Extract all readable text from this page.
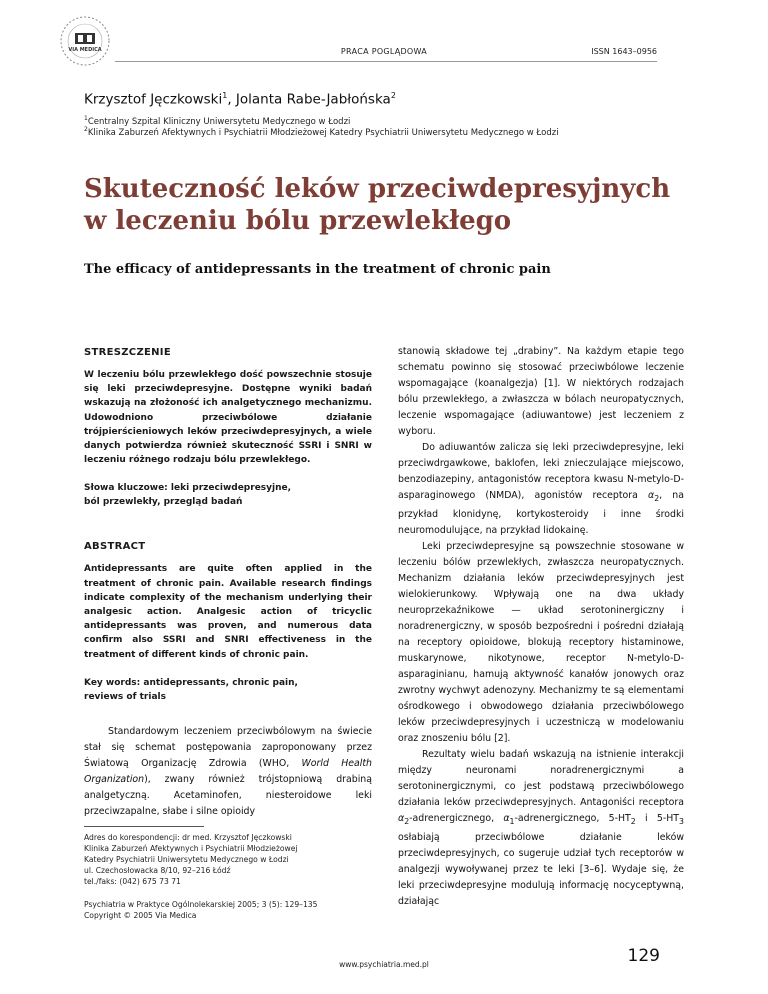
VIA MEDICA	PRACA POGLĄDOWA	ISSN 1643–0956
Krzysztof Jęczkowski$^1$, Jolanta Rabe-Jabłońska$^2$
$^1$Centralny Szpital Kliniczny Uniwersytetu Medycznego w Łodzi
$^2$Klinika Zaburzeń Afektywnych i Psychiatrii Młodzieżowej Katedry Psychiatrii Uniwersytetu Medycznego w Łodzi
Skuteczność leków przeciwdepresyjnych
w leczeniu bólu przewlekłego
The efficacy of antidepressants in the treatment of chronic pain

STRESZCZENIE

W leczeniu bólu przewlekłego dość powszechnie stosuje się leki przeciwdepresyjne. Dostępne wyniki badań wskazują na złożoność ich analgetycznego mechanizmu. Udowodniono przeciwbólowe działanie trójpierścieniowych leków przeciwdepresyjnych, a wiele danych potwierdza również skuteczność SSRI i SNRI w leczeniu różnego rodzaju bólu przewlekłego.

Słowa kluczowe: leki przeciwdepresyjne,
ból przewlekły, przegląd badań

ABSTRACT

Antidepressants are quite often applied in the treatment of chronic pain. Available research findings indicate complexity of the mechanism underlying their analgesic action. Analgesic action of tricyclic antidepressants was proven, and numerous data confirm also SSRI and SNRI effectiveness in the treatment of different kinds of chronic pain.

Key words: antidepressants, chronic pain,
reviews of trials

Standardowym leczeniem przeciwbólowym na świecie stał się schemat postępowania zaproponowany przez Światową Organizację Zdrowia (WHO, World Health Organization), zwany również trójstopniową drabiną analgetyczną. Acetaminofen, niesteroidowe leki przeciwzapalne, słabe i silne opioidy

Adres do korespondencji: dr med. Krzysztof Jęczkowski
Klinika Zaburzeń Afektywnych i Psychiatrii Młodzieżowej
Katedry Psychiatrii Uniwersytetu Medycznego w Łodzi
ul. Czechosłowacka 8/10, 92–216 Łódź
tel./faks: (042) 675 73 71
Psychiatria w Praktyce Ogólnolekarskiej 2005; 3 (5): 129–135
Copyright © 2005 Via Medica

stanowią składowe tej „drabiny”. Na każdym etapie tego schematu powinno się stosować przeciwbólowe leczenie wspomagające (koanalgezja) [1]. W niektórych rodzajach bólu przewlekłego, a zwłaszcza w bólach neuropatycznych, leczenie wspomagające (adiuwantowe) jest leczeniem z wyboru.

Do adiuwantów zalicza się leki przeciwdepresyjne, leki przeciwdrgawkowe, baklofen, leki znieczulające miejscowo, benzodiazepiny, antagonistów receptora kwasu N-metylo-D-asparaginowego (NMDA), agonistów receptora $\alpha_2$, na przykład klonidynę, kortykosteroidy i inne środki neuromodulujące, na przykład lidokainę.

Leki przeciwdepresyjne są powszechnie stosowane w leczeniu bólów przewlekłych, zwłaszcza neuropatycznych. Mechanizm działania leków przeciwdepresyjnych jest wielokierunkowy. Wpływają one na dwa układy neuroprzekaźnikowe — układ serotoninergiczny i noradrenergiczny, w sposób bezpośredni i pośredni działają na receptory opioidowe, blokują receptory histaminowe, muskarynowe, nikotynowe, receptor N-metylo-D-asparaginianu, hamują aktywność kanałów jonowych oraz zwrotny wychwyt adenozyny. Mechanizmy te są elementami ośrodkowego i obwodowego działania przeciwbólowego leków przeciwdepresyjnych i uczestniczą w modelowaniu oraz znoszeniu bólu [2].

Rezultaty wielu badań wskazują na istnienie interakcji między neuronami noradrenergicznymi a serotoninergicznymi, co jest podstawą przeciwbólowego działania leków przeciwdepresyjnych. Antagoniści receptora $\alpha_2$-adrenergicznego, $\alpha_1$-adrenergicznego, $5-HT_2$ i $5-HT_3$ osłabiają przeciwbólowe działanie leków przeciwdepresyjnych, co sugeruje udział tych receptorów w analgezji wywoływanej przez te leki [3–6]. Wydaje się, że leki przeciwdepresyjne modulują informację nocyceptywną, działając

www.psychiatria.med.pl	129
